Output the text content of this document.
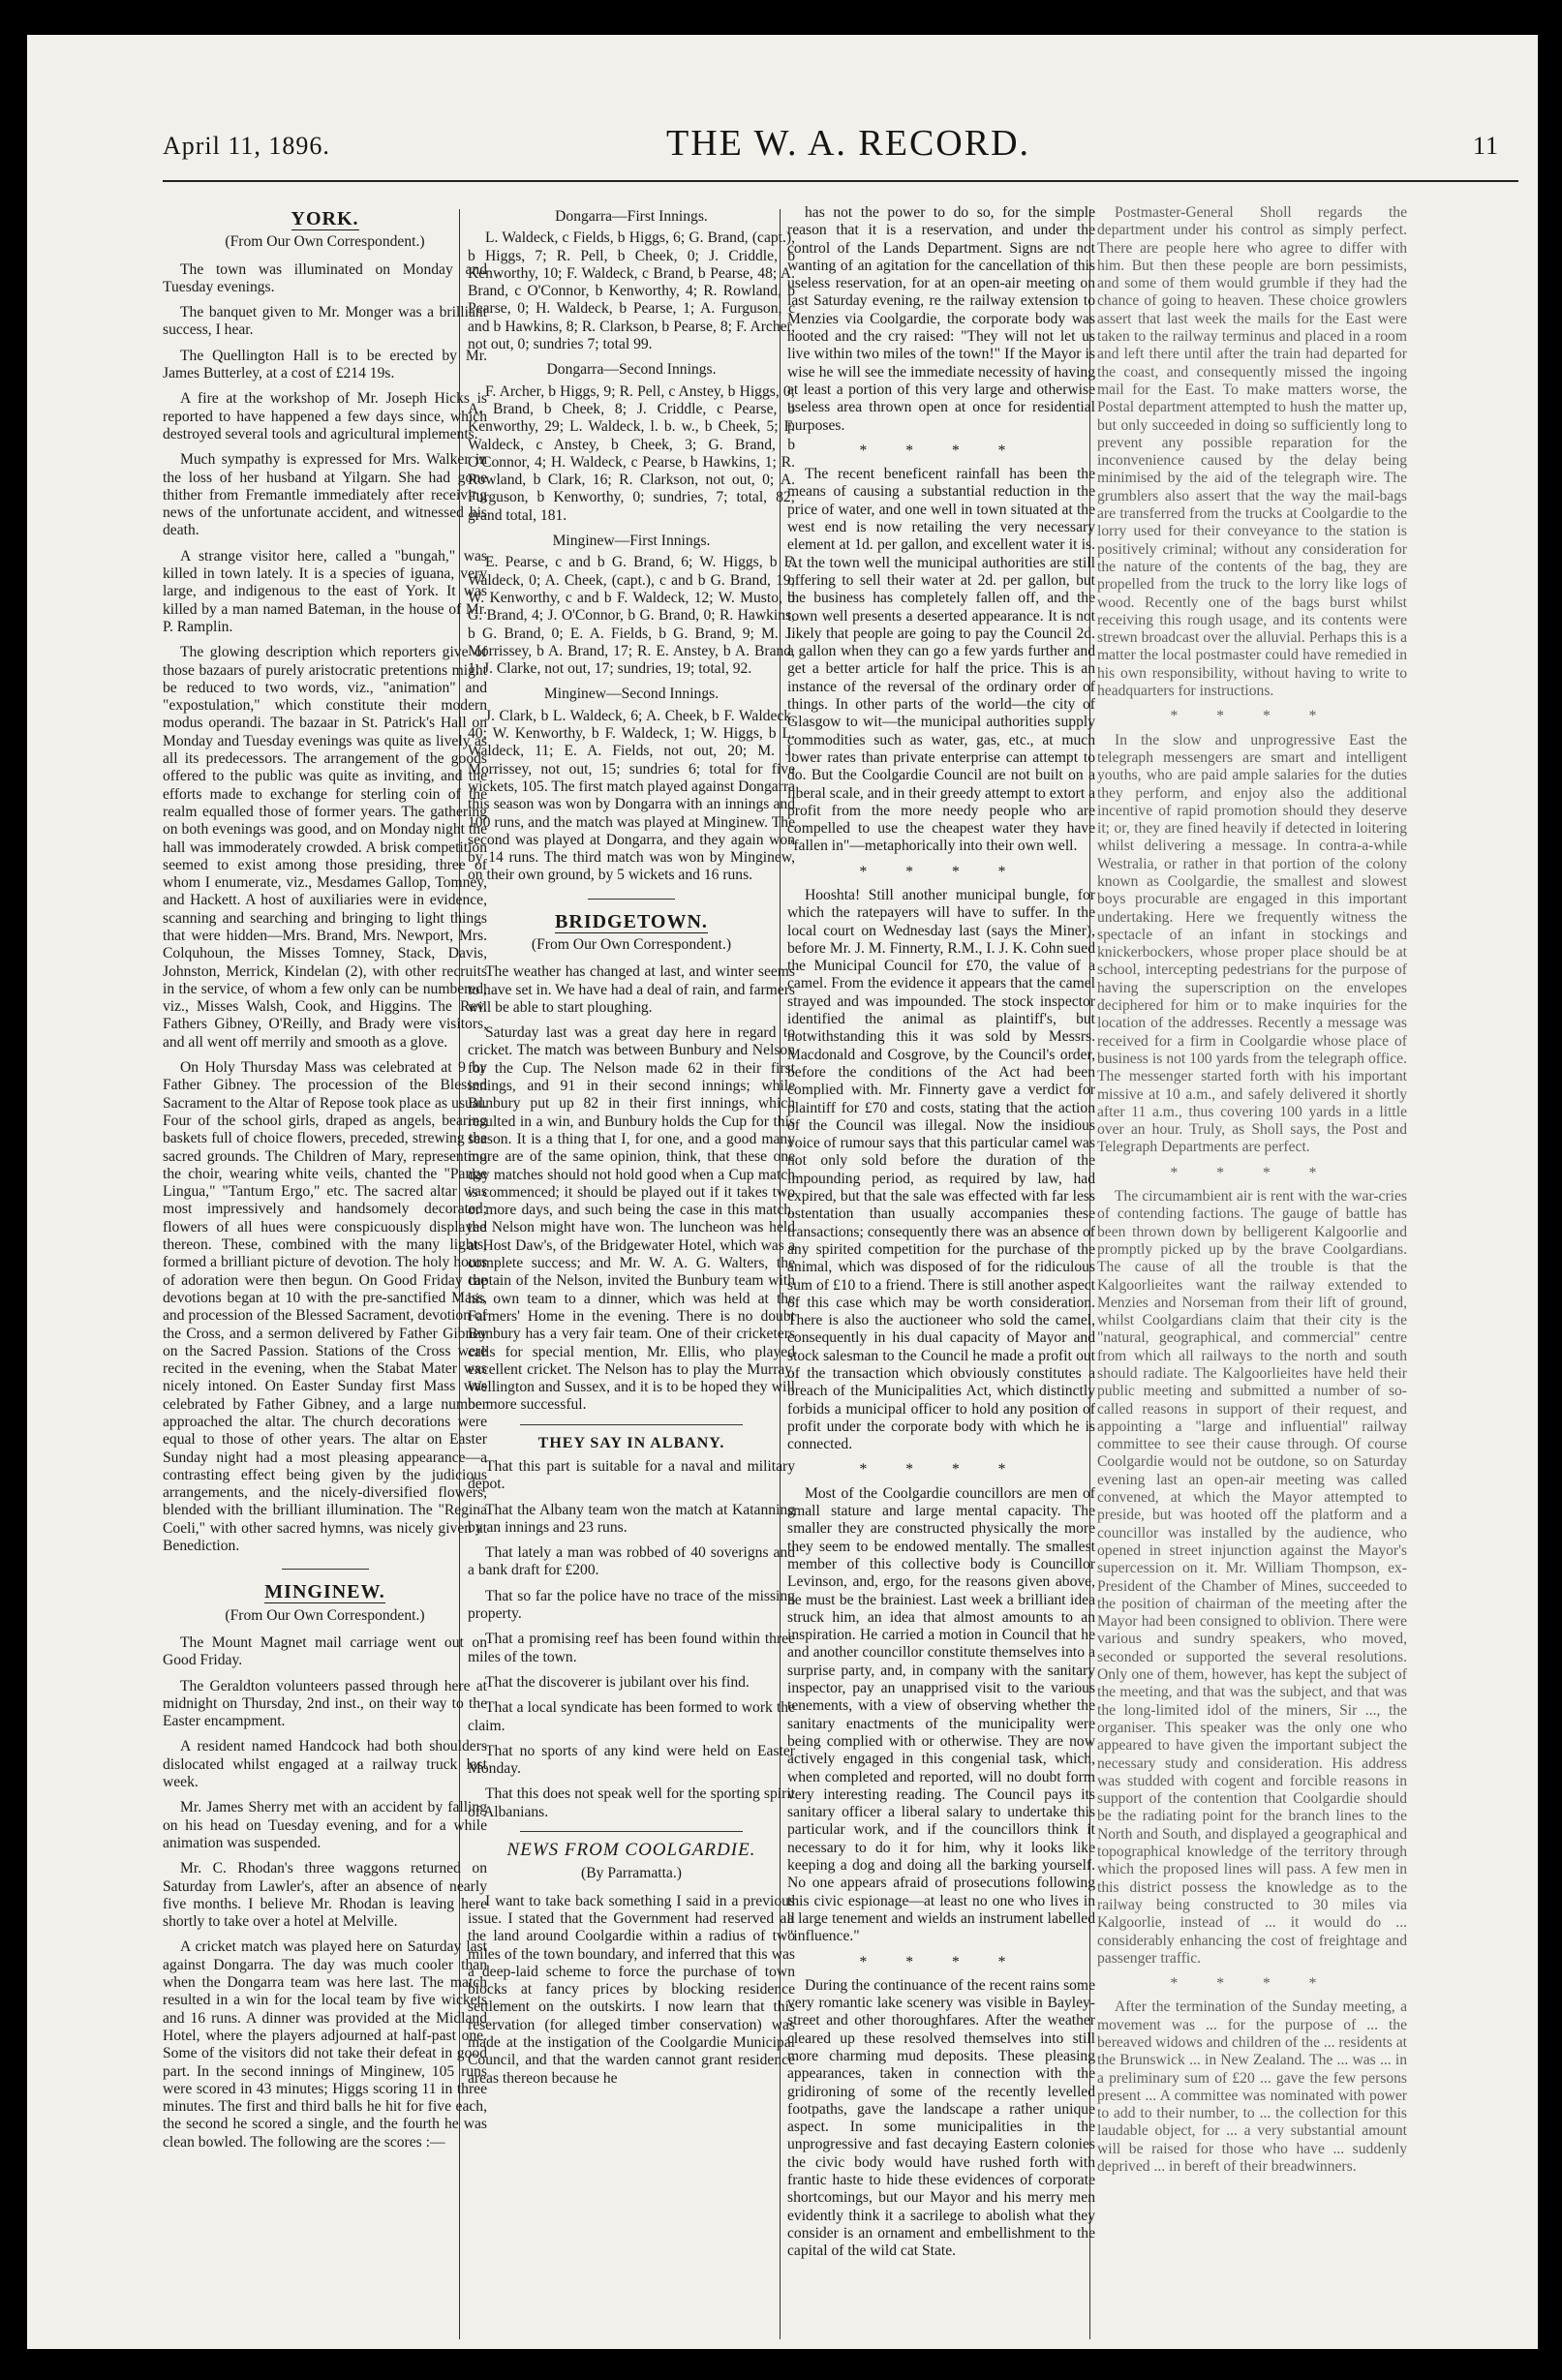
April 11, 1896.	THE W. A. RECORD.	11

YORK.

(From Our Own Correspondent.)

The town was illuminated on Monday and Tuesday evenings.

The banquet given to Mr. Monger was a brilliant success, I hear.

The Quellington Hall is to be erected by Mr. James Butterley, at a cost of £214 19s.

A fire at the workshop of Mr. Joseph Hicks is reported to have happened a few days since, which destroyed several tools and agricultural implements.

Much sympathy is expressed for Mrs. Walker in the loss of her husband at Yilgarn. She had gone thither from Fremantle immediately after receiving news of the unfortunate accident, and witnessed his death.

A strange visitor here, called a "bungah," was killed in town lately. It is a species of iguana, very large, and indigenous to the east of York. It was killed by a man named Bateman, in the house of Mr. P. Ramplin.

The glowing description which reporters give of those bazaars of purely aristocratic pretentions might be reduced to two words, viz., "animation" and "expostulation," which constitute their modern modus operandi. The bazaar in St. Patrick's Hall on Monday and Tuesday evenings was quite as lively as all its predecessors. The arrangement of the goods offered to the public was quite as inviting, and the efforts made to exchange for sterling coin of the realm equalled those of former years. The gathering on both evenings was good, and on Monday night the hall was immoderately crowded. A brisk competition seemed to exist among those presiding, three of whom I enumerate, viz., Mesdames Gallop, Tomney, and Hackett. A host of auxiliaries were in evidence, scanning and searching and bringing to light things that were hidden—Mrs. Brand, Mrs. Newport, Mrs. Colquhoun, the Misses Tomney, Stack, Davis, Johnston, Merrick, Kindelan (2), with other recruits in the service, of whom a few only can be numbered, viz., Misses Walsh, Cook, and Higgins. The Rev. Fathers Gibney, O'Reilly, and Brady were visitors, and all went off merrily and smooth as a glove.

On Holy Thursday Mass was celebrated at 9 by Father Gibney. The procession of the Blessed Sacrament to the Altar of Repose took place as usual. Four of the school girls, draped as angels, bearing baskets full of choice flowers, preceded, strewing the sacred grounds. The Children of Mary, representing the choir, wearing white veils, chanted the "Pange Lingua," "Tantum Ergo," etc. The sacred altar was most impressively and handsomely decorated; flowers of all hues were conspicuously displayed thereon. These, combined with the many lights, formed a brilliant picture of devotion. The holy hours of adoration were then begun. On Good Friday the devotions began at 10 with the pre-sanctified Mass, and procession of the Blessed Sacrament, devotion of the Cross, and a sermon delivered by Father Gibney on the Sacred Passion. Stations of the Cross were recited in the evening, when the Stabat Mater was nicely intoned. On Easter Sunday first Mass was celebrated by Father Gibney, and a large number approached the altar. The church decorations were equal to those of other years. The altar on Easter Sunday night had a most pleasing appearance—a contrasting effect being given by the judicious arrangements, and the nicely-diversified flowers, blended with the brilliant illumination. The "Regina Coeli," with other sacred hymns, was nicely given at Benediction.

MINGINEW.

(From Our Own Correspondent.)

The Mount Magnet mail carriage went out on Good Friday.

The Geraldton volunteers passed through here at midnight on Thursday, 2nd inst., on their way to the Easter encampment.

A resident named Handcock had both shoulders dislocated whilst engaged at a railway truck last week.

Mr. James Sherry met with an accident by falling on his head on Tuesday evening, and for a while animation was suspended.

Mr. C. Rhodan's three waggons returned on Saturday from Lawler's, after an absence of nearly five months. I believe Mr. Rhodan is leaving here shortly to take over a hotel at Melville.

A cricket match was played here on Saturday last against Dongarra. The day was much cooler than when the Dongarra team was here last. The match resulted in a win for the local team by five wickets and 16 runs. A dinner was provided at the Midland Hotel, where the players adjourned at half-past one. Some of the visitors did not take their defeat in good part. In the second innings of Minginew, 105 runs were scored in 43 minutes; Higgs scoring 11 in three minutes. The first and third balls he hit for five each, the second he scored a single, and the fourth he was clean bowled. The following are the scores :—

Dongarra—First Innings.

L. Waldeck, c Fields, b Higgs, 6; G. Brand, (capt.), b Higgs, 7; R. Pell, b Cheek, 0; J. Criddle, b Kenworthy, 10; F. Waldeck, c Brand, b Pearse, 48; A. Brand, c O'Connor, b Kenworthy, 4; R. Rowland, b Pearse, 0; H. Waldeck, b Pearse, 1; A. Furguson, c and b Hawkins, 8; R. Clarkson, b Pearse, 8; F. Archer, not out, 0; sundries 7; total 99.

Dongarra—Second Innings.

F. Archer, b Higgs, 9; R. Pell, c Anstey, b Higgs, 0; A. Brand, b Cheek, 8; J. Criddle, c Pearse, b Kenworthy, 29; L. Waldeck, l. b. w., b Cheek, 5; F. Waldeck, c Anstey, b Cheek, 3; G. Brand, b O'Connor, 4; H. Waldeck, c Pearse, b Hawkins, 1; R. Rowland, b Clark, 16; R. Clarkson, not out, 0; A. Furguson, b Kenworthy, 0; sundries, 7; total, 82; grand total, 181.

Minginew—First Innings.

E. Pearse, c and b G. Brand, 6; W. Higgs, b F. Waldeck, 0; A. Cheek, (capt.), c and b G. Brand, 19; W. Kenworthy, c and b F. Waldeck, 12; W. Musto, b G. Brand, 4; J. O'Connor, b G. Brand, 0; R. Hawkins, b G. Brand, 0; E. A. Fields, b G. Brand, 9; M. J. Morrissey, b A. Brand, 17; R. E. Anstey, b A. Brand, 1; J. Clarke, not out, 17; sundries, 19; total, 92.

Minginew—Second Innings.

J. Clark, b L. Waldeck, 6; A. Cheek, b F. Waldeck, 40; W. Kenworthy, b F. Waldeck, 1; W. Higgs, b L. Waldeck, 11; E. A. Fields, not out, 20; M. J. Morrissey, not out, 15; sundries 6; total for five wickets, 105. The first match played against Dongarra this season was won by Dongarra with an innings and 100 runs, and the match was played at Minginew. The second was played at Dongarra, and they again won by 14 runs. The third match was won by Minginew, on their own ground, by 5 wickets and 16 runs.

BRIDGETOWN.

(From Our Own Correspondent.)

The weather has changed at last, and winter seems to have set in. We have had a deal of rain, and farmers will be able to start ploughing.

Saturday last was a great day here in regard to cricket. The match was between Bunbury and Nelson for the Cup. The Nelson made 62 in their first innings, and 91 in their second innings; while Bunbury put up 82 in their first innings, which resulted in a win, and Bunbury holds the Cup for this season. It is a thing that I, for one, and a good many more are of the same opinion, think, that these one day matches should not hold good when a Cup match is commenced; it should be played out if it takes two or more days, and such being the case in this match, the Nelson might have won. The luncheon was held at Host Daw's, of the Bridgewater Hotel, which was a complete success; and Mr. W. A. G. Walters, the captain of the Nelson, invited the Bunbury team with his own team to a dinner, which was held at the Farmers' Home in the evening. There is no doubt Bunbury has a very fair team. One of their cricketers calls for special mention, Mr. Ellis, who played excellent cricket. The Nelson has to play the Murray, Wellington and Sussex, and it is to be hoped they will be more successful.

THEY SAY IN ALBANY.

That this part is suitable for a naval and military depot.

That the Albany team won the match at Katanning by an innings and 23 runs.

That lately a man was robbed of 40 soverigns and a bank draft for £200.

That so far the police have no trace of the missing property.

That a promising reef has been found within three miles of the town.

That the discoverer is jubilant over his find.

That a local syndicate has been formed to work the claim.

That no sports of any kind were held on Easter Monday.

That this does not speak well for the sporting spirit of Albanians.

NEWS FROM COOLGARDIE.

(By Parramatta.)

I want to take back something I said in a previous issue. I stated that the Government had reserved all the land around Coolgardie within a radius of two miles of the town boundary, and inferred that this was a deep-laid scheme to force the purchase of town blocks at fancy prices by blocking residence settlement on the outskirts. I now learn that this reservation (for alleged timber conservation) was made at the instigation of the Coolgardie Municipal Council, and that the warden cannot grant residence areas thereon because he

has not the power to do so, for the simple reason that it is a reservation, and under the control of the Lands Department. Signs are not wanting of an agitation for the cancellation of this useless reservation, for at an open-air meeting on last Saturday evening, re the railway extension to Menzies via Coolgardie, the corporate body was hooted and the cry raised: "They will not let us live within two miles of the town!" If the Mayor is wise he will see the immediate necessity of having at least a portion of this very large and otherwise useless area thrown open at once for residential purposes.

* * * *

The recent beneficent rainfall has been the means of causing a substantial reduction in the price of water, and one well in town situated at the west end is now retailing the very necessary element at 1d. per gallon, and excellent water it is. At the town well the municipal authorities are still offering to sell their water at 2d. per gallon, but the business has completely fallen off, and the town well presents a deserted appearance. It is not likely that people are going to pay the Council 2d. a gallon when they can go a few yards further and get a better article for half the price. This is an instance of the reversal of the ordinary order of things. In other parts of the world—the city of Glasgow to wit—the municipal authorities supply commodities such as water, gas, etc., at much lower rates than private enterprise can attempt to do. But the Coolgardie Council are not built on a liberal scale, and in their greedy attempt to extort a profit from the more needy people who are compelled to use the cheapest water they have "fallen in"—metaphorically into their own well.

* * * *

Hooshta! Still another municipal bungle, for which the ratepayers will have to suffer. In the local court on Wednesday last (says the Miner), before Mr. J. M. Finnerty, R.M., I. J. K. Cohn sued the Municipal Council for £70, the value of a camel. From the evidence it appears that the camel strayed and was impounded. The stock inspector identified the animal as plaintiff's, but notwithstanding this it was sold by Messrs. Macdonald and Cosgrove, by the Council's order, before the conditions of the Act had been complied with. Mr. Finnerty gave a verdict for plaintiff for £70 and costs, stating that the action of the Council was illegal. Now the insidious voice of rumour says that this particular camel was not only sold before the duration of the impounding period, as required by law, had expired, but that the sale was effected with far less ostentation than usually accompanies these transactions; consequently there was an absence of any spirited competition for the purchase of the animal, which was disposed of for the ridiculous sum of £10 to a friend. There is still another aspect of this case which may be worth consideration. There is also the auctioneer who sold the camel, consequently in his dual capacity of Mayor and stock salesman to the Council he made a profit out of the transaction which obviously constitutes a breach of the Municipalities Act, which distinctly forbids a municipal officer to hold any position of profit under the corporate body with which he is connected.

* * * *

Most of the Coolgardie councillors are men of small stature and large mental capacity. The smaller they are constructed physically the more they seem to be endowed mentally. The smallest member of this collective body is Councillor Levinson, and, ergo, for the reasons given above, he must be the brainiest. Last week a brilliant idea struck him, an idea that almost amounts to an inspiration. He carried a motion in Council that he and another councillor constitute themselves into a surprise party, and, in company with the sanitary inspector, pay an unapprised visit to the various tenements, with a view of observing whether the sanitary enactments of the municipality were being complied with or otherwise. They are now actively engaged in this congenial task, which, when completed and reported, will no doubt form very interesting reading. The Council pays its sanitary officer a liberal salary to undertake this particular work, and if the councillors think it necessary to do it for him, why it looks like keeping a dog and doing all the barking yourself. No one appears afraid of prosecutions following this civic espionage—at least no one who lives in a large tenement and wields an instrument labelled "influence."

* * * *

During the continuance of the recent rains some very romantic lake scenery was visible in Bayley-street and other thoroughfares. After the weather cleared up these resolved themselves into still more charming mud deposits. These pleasing appearances, taken in connection with the gridironing of some of the recently levelled footpaths, gave the landscape a rather unique aspect. In some municipalities in the unprogressive and fast decaying Eastern colonies the civic body would have rushed forth with frantic haste to hide these evidences of corporate shortcomings, but our Mayor and his merry men evidently think it a sacrilege to abolish what they consider is an ornament and embellishment to the capital of the wild cat State.

Postmaster-General Sholl regards the department under his control as simply perfect. There are people here who agree to differ with him. But then these people are born pessimists, and some of them would grumble if they had the chance of going to heaven. These choice growlers assert that last week the mails for the East were taken to the railway terminus and placed in a room and left there until after the train had departed for the coast, and consequently missed the ingoing mail for the East. To make matters worse, the Postal department attempted to hush the matter up, but only succeeded in doing so sufficiently long to prevent any possible reparation for the inconvenience caused by the delay being minimised by the aid of the telegraph wire. The grumblers also assert that the way the mail-bags are transferred from the trucks at Coolgardie to the lorry used for their conveyance to the station is positively criminal; without any consideration for the nature of the contents of the bag, they are propelled from the truck to the lorry like logs of wood. Recently one of the bags burst whilst receiving this rough usage, and its contents were strewn broadcast over the alluvial. Perhaps this is a matter the local postmaster could have remedied in his own responsibility, without having to write to headquarters for instructions.

* * * *

In the slow and unprogressive East the telegraph messengers are smart and intelligent youths, who are paid ample salaries for the duties they perform, and enjoy also the additional incentive of rapid promotion should they deserve it; or, they are fined heavily if detected in loitering whilst delivering a message. In contra-a-while Westralia, or rather in that portion of the colony known as Coolgardie, the smallest and slowest boys procurable are engaged in this important undertaking. Here we frequently witness the spectacle of an infant in stockings and knickerbockers, whose proper place should be at school, intercepting pedestrians for the purpose of having the superscription on the envelopes deciphered for him or to make inquiries for the location of the addresses. Recently a message was received for a firm in Coolgardie whose place of business is not 100 yards from the telegraph office. The messenger started forth with his important missive at 10 a.m., and safely delivered it shortly after 11 a.m., thus covering 100 yards in a little over an hour. Truly, as Sholl says, the Post and Telegraph Departments are perfect.

* * * *

The circumambient air is rent with the war-cries of contending factions. The gauge of battle has been thrown down by belligerent Kalgoorlie and promptly picked up by the brave Coolgardians. The cause of all the trouble is that the Kalgoorlieites want the railway extended to Menzies and Norseman from their lift of ground, whilst Coolgardians claim that their city is the "natural, geographical, and commercial" centre from which all railways to the north and south should radiate. The Kalgoorlieites have held their public meeting and submitted a number of so-called reasons in support of their request, and appointing a "large and influential" railway committee to see their cause through. Of course Coolgardie would not be outdone, so on Saturday evening last an open-air meeting was called convened, at which the Mayor attempted to preside, but was hooted off the platform and a councillor was installed by the audience, who opened in street injunction against the Mayor's supercession on it. Mr. William Thompson, ex-President of the Chamber of Mines, succeeded to the position of chairman of the meeting after the Mayor had been consigned to oblivion. There were various and sundry speakers, who moved, seconded or supported the several resolutions. Only one of them, however, has kept the subject of the meeting, and that was the subject, and that was the long-limited idol of the miners, Sir ..., the organiser. This speaker was the only one who appeared to have given the important subject the necessary study and consideration. His address was studded with cogent and forcible reasons in support of the contention that Coolgardie should be the radiating point for the branch lines to the North and South, and displayed a geographical and topographical knowledge of the territory through which the proposed lines will pass. A few men in this district possess the knowledge as to the railway being constructed to 30 miles via Kalgoorlie, instead of ... it would do ... considerably enhancing the cost of freightage and passenger traffic.

* * * *

After the termination of the Sunday meeting, a movement was ... for the purpose of ... the bereaved widows and children of the ... residents at the Brunswick ... in New Zealand. The ... was ... in a preliminary sum of £20 ... gave the few persons present ... A committee was nominated with power to add to their number, to ... the collection for this laudable object, for ... a very substantial amount will be raised for those who have ... suddenly deprived ... in bereft of their breadwinners.
